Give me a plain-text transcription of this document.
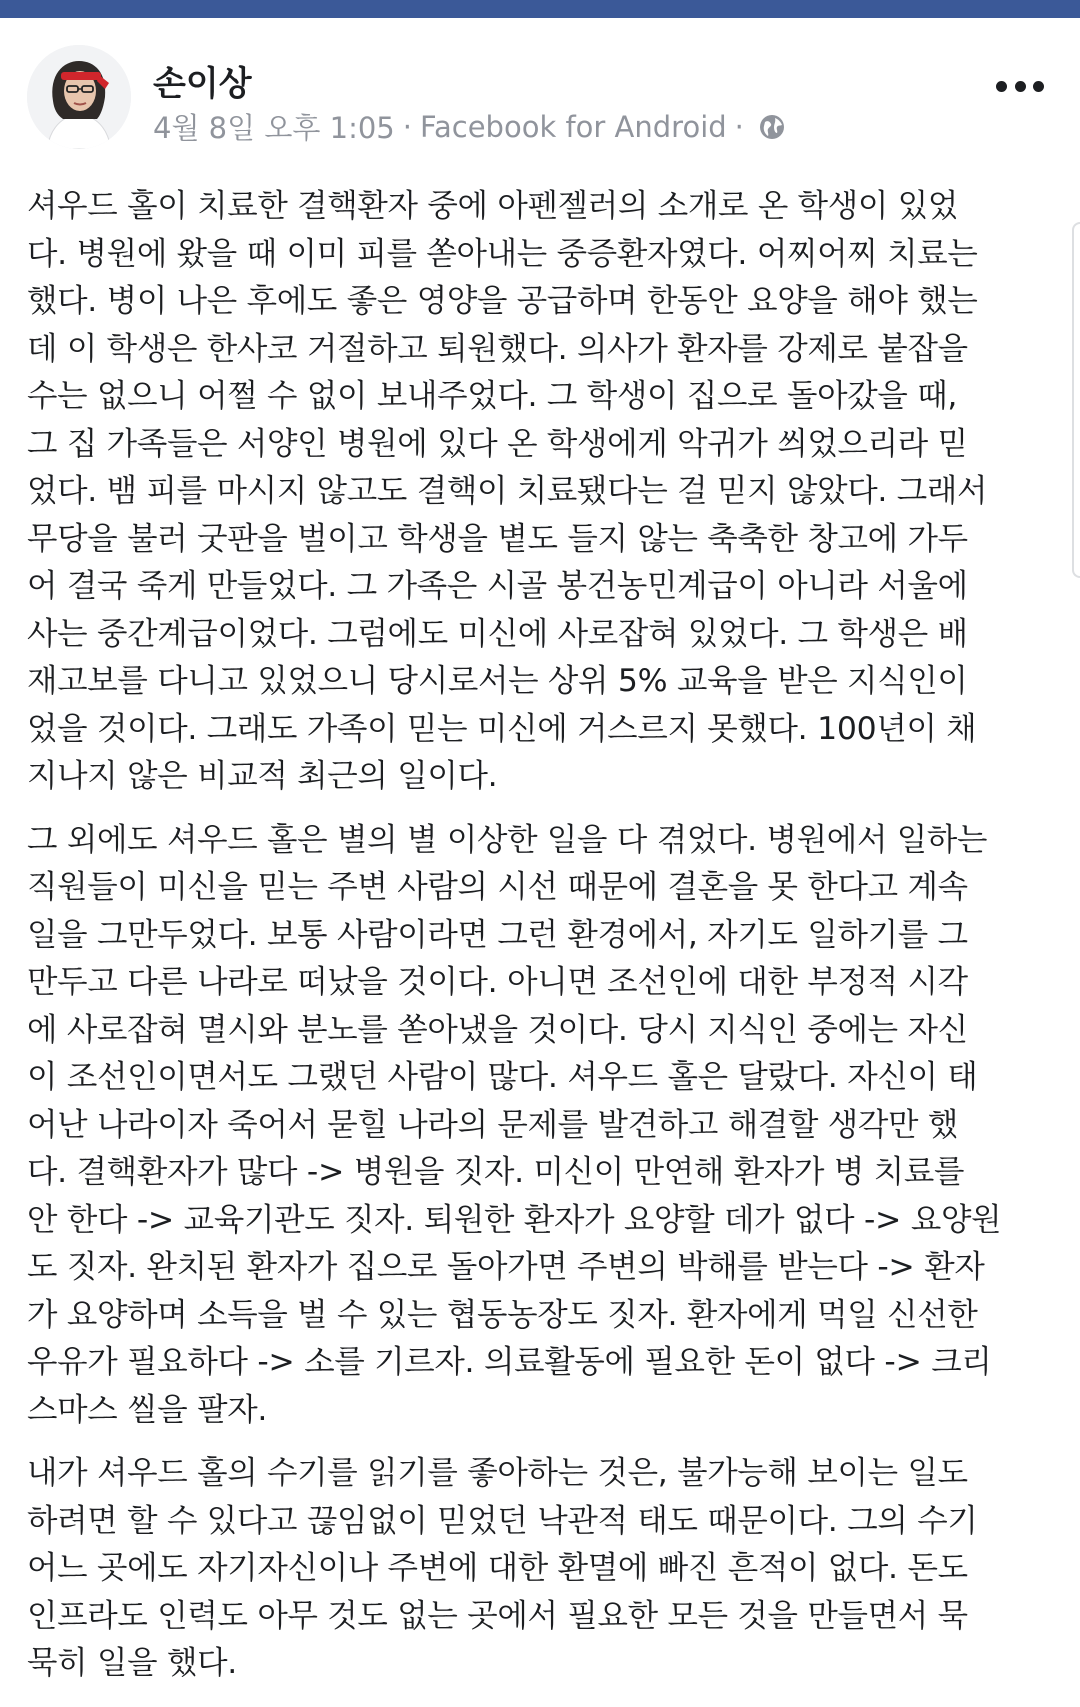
손이상
4월 8일 오후 1:05 · Facebook for Android ·
셔우드 홀이 치료한 결핵환자 중에 아펜젤러의 소개로 온 학생이 있었
다. 병원에 왔을 때 이미 피를 쏟아내는 중증환자였다. 어찌어찌 치료는
했다. 병이 나은 후에도 좋은 영양을 공급하며 한동안 요양을 해야 했는
데 이 학생은 한사코 거절하고 퇴원했다. 의사가 환자를 강제로 붙잡을
수는 없으니 어쩔 수 없이 보내주었다. 그 학생이 집으로 돌아갔을 때,
그 집 가족들은 서양인 병원에 있다 온 학생에게 악귀가 씌었으리라 믿
었다. 뱀 피를 마시지 않고도 결핵이 치료됐다는 걸 믿지 않았다. 그래서
무당을 불러 굿판을 벌이고 학생을 볕도 들지 않는 축축한 창고에 가두
어 결국 죽게 만들었다. 그 가족은 시골 봉건농민계급이 아니라 서울에
사는 중간계급이었다. 그럼에도 미신에 사로잡혀 있었다. 그 학생은 배
재고보를 다니고 있었으니 당시로서는 상위 5% 교육을 받은 지식인이
었을 것이다. 그래도 가족이 믿는 미신에 거스르지 못했다. 100년이 채
지나지 않은 비교적 최근의 일이다.
그 외에도 셔우드 홀은 별의 별 이상한 일을 다 겪었다. 병원에서 일하는
직원들이 미신을 믿는 주변 사람의 시선 때문에 결혼을 못 한다고 계속
일을 그만두었다. 보통 사람이라면 그런 환경에서, 자기도 일하기를 그
만두고 다른 나라로 떠났을 것이다. 아니면 조선인에 대한 부정적 시각
에 사로잡혀 멸시와 분노를 쏟아냈을 것이다. 당시 지식인 중에는 자신
이 조선인이면서도 그랬던 사람이 많다. 셔우드 홀은 달랐다. 자신이 태
어난 나라이자 죽어서 묻힐 나라의 문제를 발견하고 해결할 생각만 했
다. 결핵환자가 많다 -> 병원을 짓자. 미신이 만연해 환자가 병 치료를
안 한다 -> 교육기관도 짓자. 퇴원한 환자가 요양할 데가 없다 -> 요양원
도 짓자. 완치된 환자가 집으로 돌아가면 주변의 박해를 받는다 -> 환자
가 요양하며 소득을 벌 수 있는 협동농장도 짓자. 환자에게 먹일 신선한
우유가 필요하다 -> 소를 기르자. 의료활동에 필요한 돈이 없다 -> 크리
스마스 씰을 팔자.
내가 셔우드 홀의 수기를 읽기를 좋아하는 것은, 불가능해 보이는 일도
하려면 할 수 있다고 끊임없이 믿었던 낙관적 태도 때문이다. 그의 수기
어느 곳에도 자기자신이나 주변에 대한 환멸에 빠진 흔적이 없다. 돈도
인프라도 인력도 아무 것도 없는 곳에서 필요한 모든 것을 만들면서 묵
묵히 일을 했다.
